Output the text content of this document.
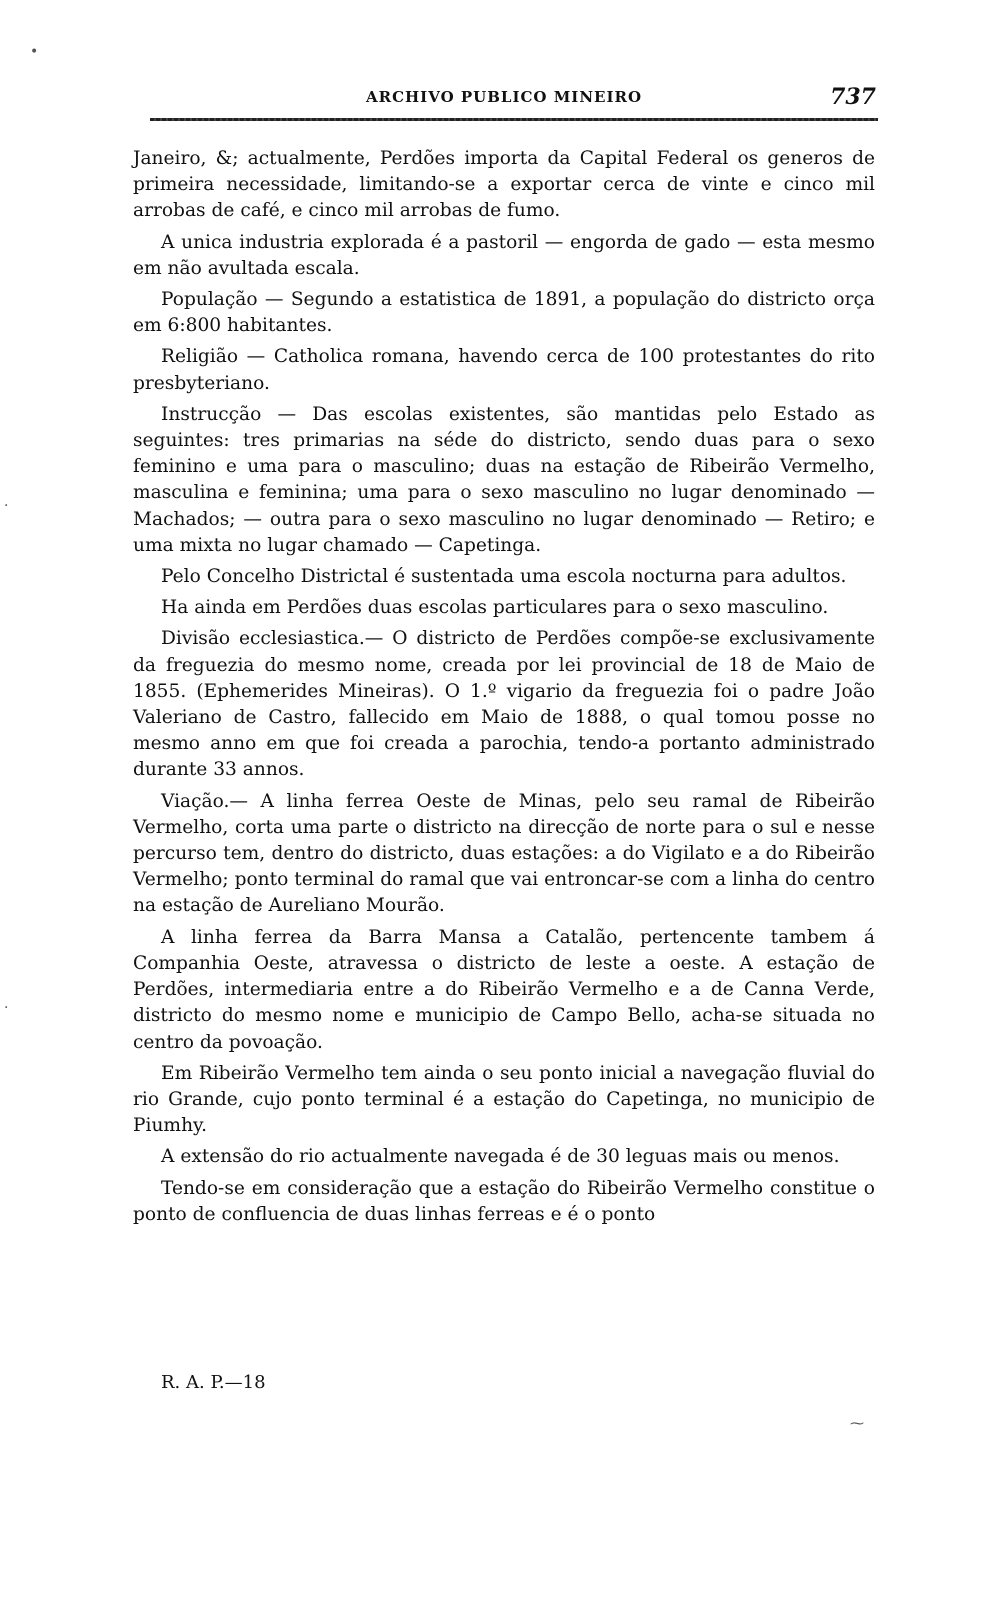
ARCHIVO PUBLICO MINEIRO	737

Janeiro, &; actualmente, Perdões importa da Capital Federal os generos de primeira necessidade, limitando-se a exportar cerca de vinte e cinco mil arrobas de café, e cinco mil arrobas de fumo.

A unica industria explorada é a pastoril — engorda de gado — esta mesmo em não avultada escala.

População — Segundo a estatistica de 1891, a população do districto orça em 6:800 habitantes.

Religião — Catholica romana, havendo cerca de 100 protestantes do rito presbyteriano.

Instrucção — Das escolas existentes, são mantidas pelo Estado as seguintes: tres primarias na séde do districto, sendo duas para o sexo feminino e uma para o masculino; duas na estação de Ribeirão Vermelho, masculina e feminina; uma para o sexo masculino no lugar denominado — Machados; — outra para o sexo masculino no lugar denominado — Retiro; e uma mixta no lugar chamado — Capetinga.

Pelo Concelho Districtal é sustentada uma escola nocturna para adultos.

Ha ainda em Perdões duas escolas particulares para o sexo masculino.

Divisão ecclesiastica.— O districto de Perdões compõe-se exclusivamente da freguezia do mesmo nome, creada por lei provincial de 18 de Maio de 1855. (Ephemerides Mineiras). O 1.º vigario da freguezia foi o padre João Valeriano de Castro, fallecido em Maio de 1888, o qual tomou posse no mesmo anno em que foi creada a parochia, tendo-a portanto administrado durante 33 annos.

Viação.— A linha ferrea Oeste de Minas, pelo seu ramal de Ribeirão Vermelho, corta uma parte o districto na direcção de norte para o sul e nesse percurso tem, dentro do districto, duas estações: a do Vigilato e a do Ribeirão Vermelho; ponto terminal do ramal que vai entroncar-se com a linha do centro na estação de Aureliano Mourão.

A linha ferrea da Barra Mansa a Catalão, pertencente tambem á Companhia Oeste, atravessa o districto de leste a oeste. A estação de Perdões, intermediaria entre a do Ribeirão Vermelho e a de Canna Verde, districto do mesmo nome e municipio de Campo Bello, acha-se situada no centro da povoação.

Em Ribeirão Vermelho tem ainda o seu ponto inicial a navegação fluvial do rio Grande, cujo ponto terminal é a estação do Capetinga, no municipio de Piumhy.

A extensão do rio actualmente navegada é de 30 leguas mais ou menos.

Tendo-se em consideração que a estação do Ribeirão Vermelho constitue o ponto de confluencia de duas linhas ferreas e é o ponto

R. A. P.—18
•
·
·
⁓
